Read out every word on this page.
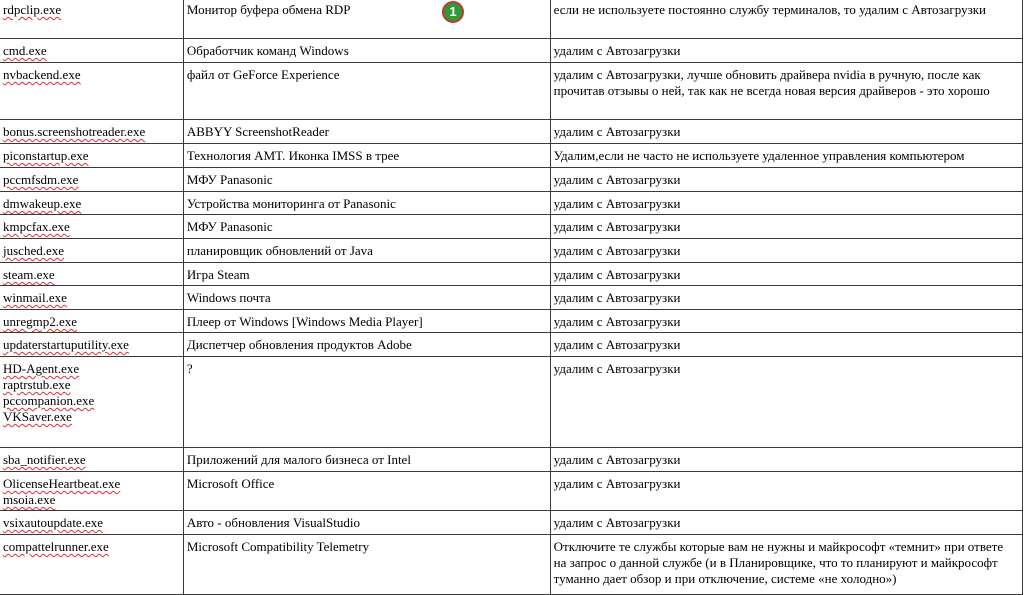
rdpclip.exe	Монитор буфера обмена RDP	если не используете постоянно службу терминалов, то удалим с Автозагрузки

cmd.exe	Обработчик команд Windows	удалим с Автозагрузки

nvbackend.exe	файл от GeForce Experience	удалим с Автозагрузки, лучше обновить драйвера nvidia в ручную, после как прочитав отзывы о ней, так как не всегда новая версия драйверов - это хорошо

bonus.screenshotreader.exe	ABBYY ScreenshotReader	удалим с Автозагрузки

piconstartup.exe	Технология AMT. Иконка IMSS в трее	Удалим,если не часто не используете удаленное управления компьютером

pccmfsdm.exe	МФУ Panasonic	удалим с Автозагрузки

dmwakeup.exe	Устройства мониторинга от Panasonic	удалим с Автозагрузки

kmpcfax.exe	МФУ Panasonic	удалим с Автозагрузки

jusched.exe	планировщик обновлений от Java	удалим с Автозагрузки

steam.exe	Игра Steam	удалим с Автозагрузки

winmail.exe	Windows почта	удалим с Автозагрузки

unregmp2.exe	Плеер от Windows [Windows Media Player]	удалим с Автозагрузки

updaterstartuputility.exe	Диспетчер обновления продуктов Adobe	удалим с Автозагрузки

HD-Agent.exe
raptrstub.exe
pccompanion.exe
VKSaver.exe	?	удалим с Автозагрузки

sba_notifier.exe	Приложений для малого бизнеса от Intel	удалим с Автозагрузки

OlicenseHeartbeat.exe
msoia.exe	Microsoft Office	удалим с Автозагрузки

vsixautoupdate.exe	Авто - обновления VisualStudio	удалим с Автозагрузки

compattelrunner.exe	Microsoft Compatibility Telemetry	Отключите те службы которые вам не нужны и майкрософт «темнит» при ответе на запрос о данной службе (и в Планировщике, что то планируют и майкрософт туманно дает обзор и при отключение, системе «не холодно»)
1
